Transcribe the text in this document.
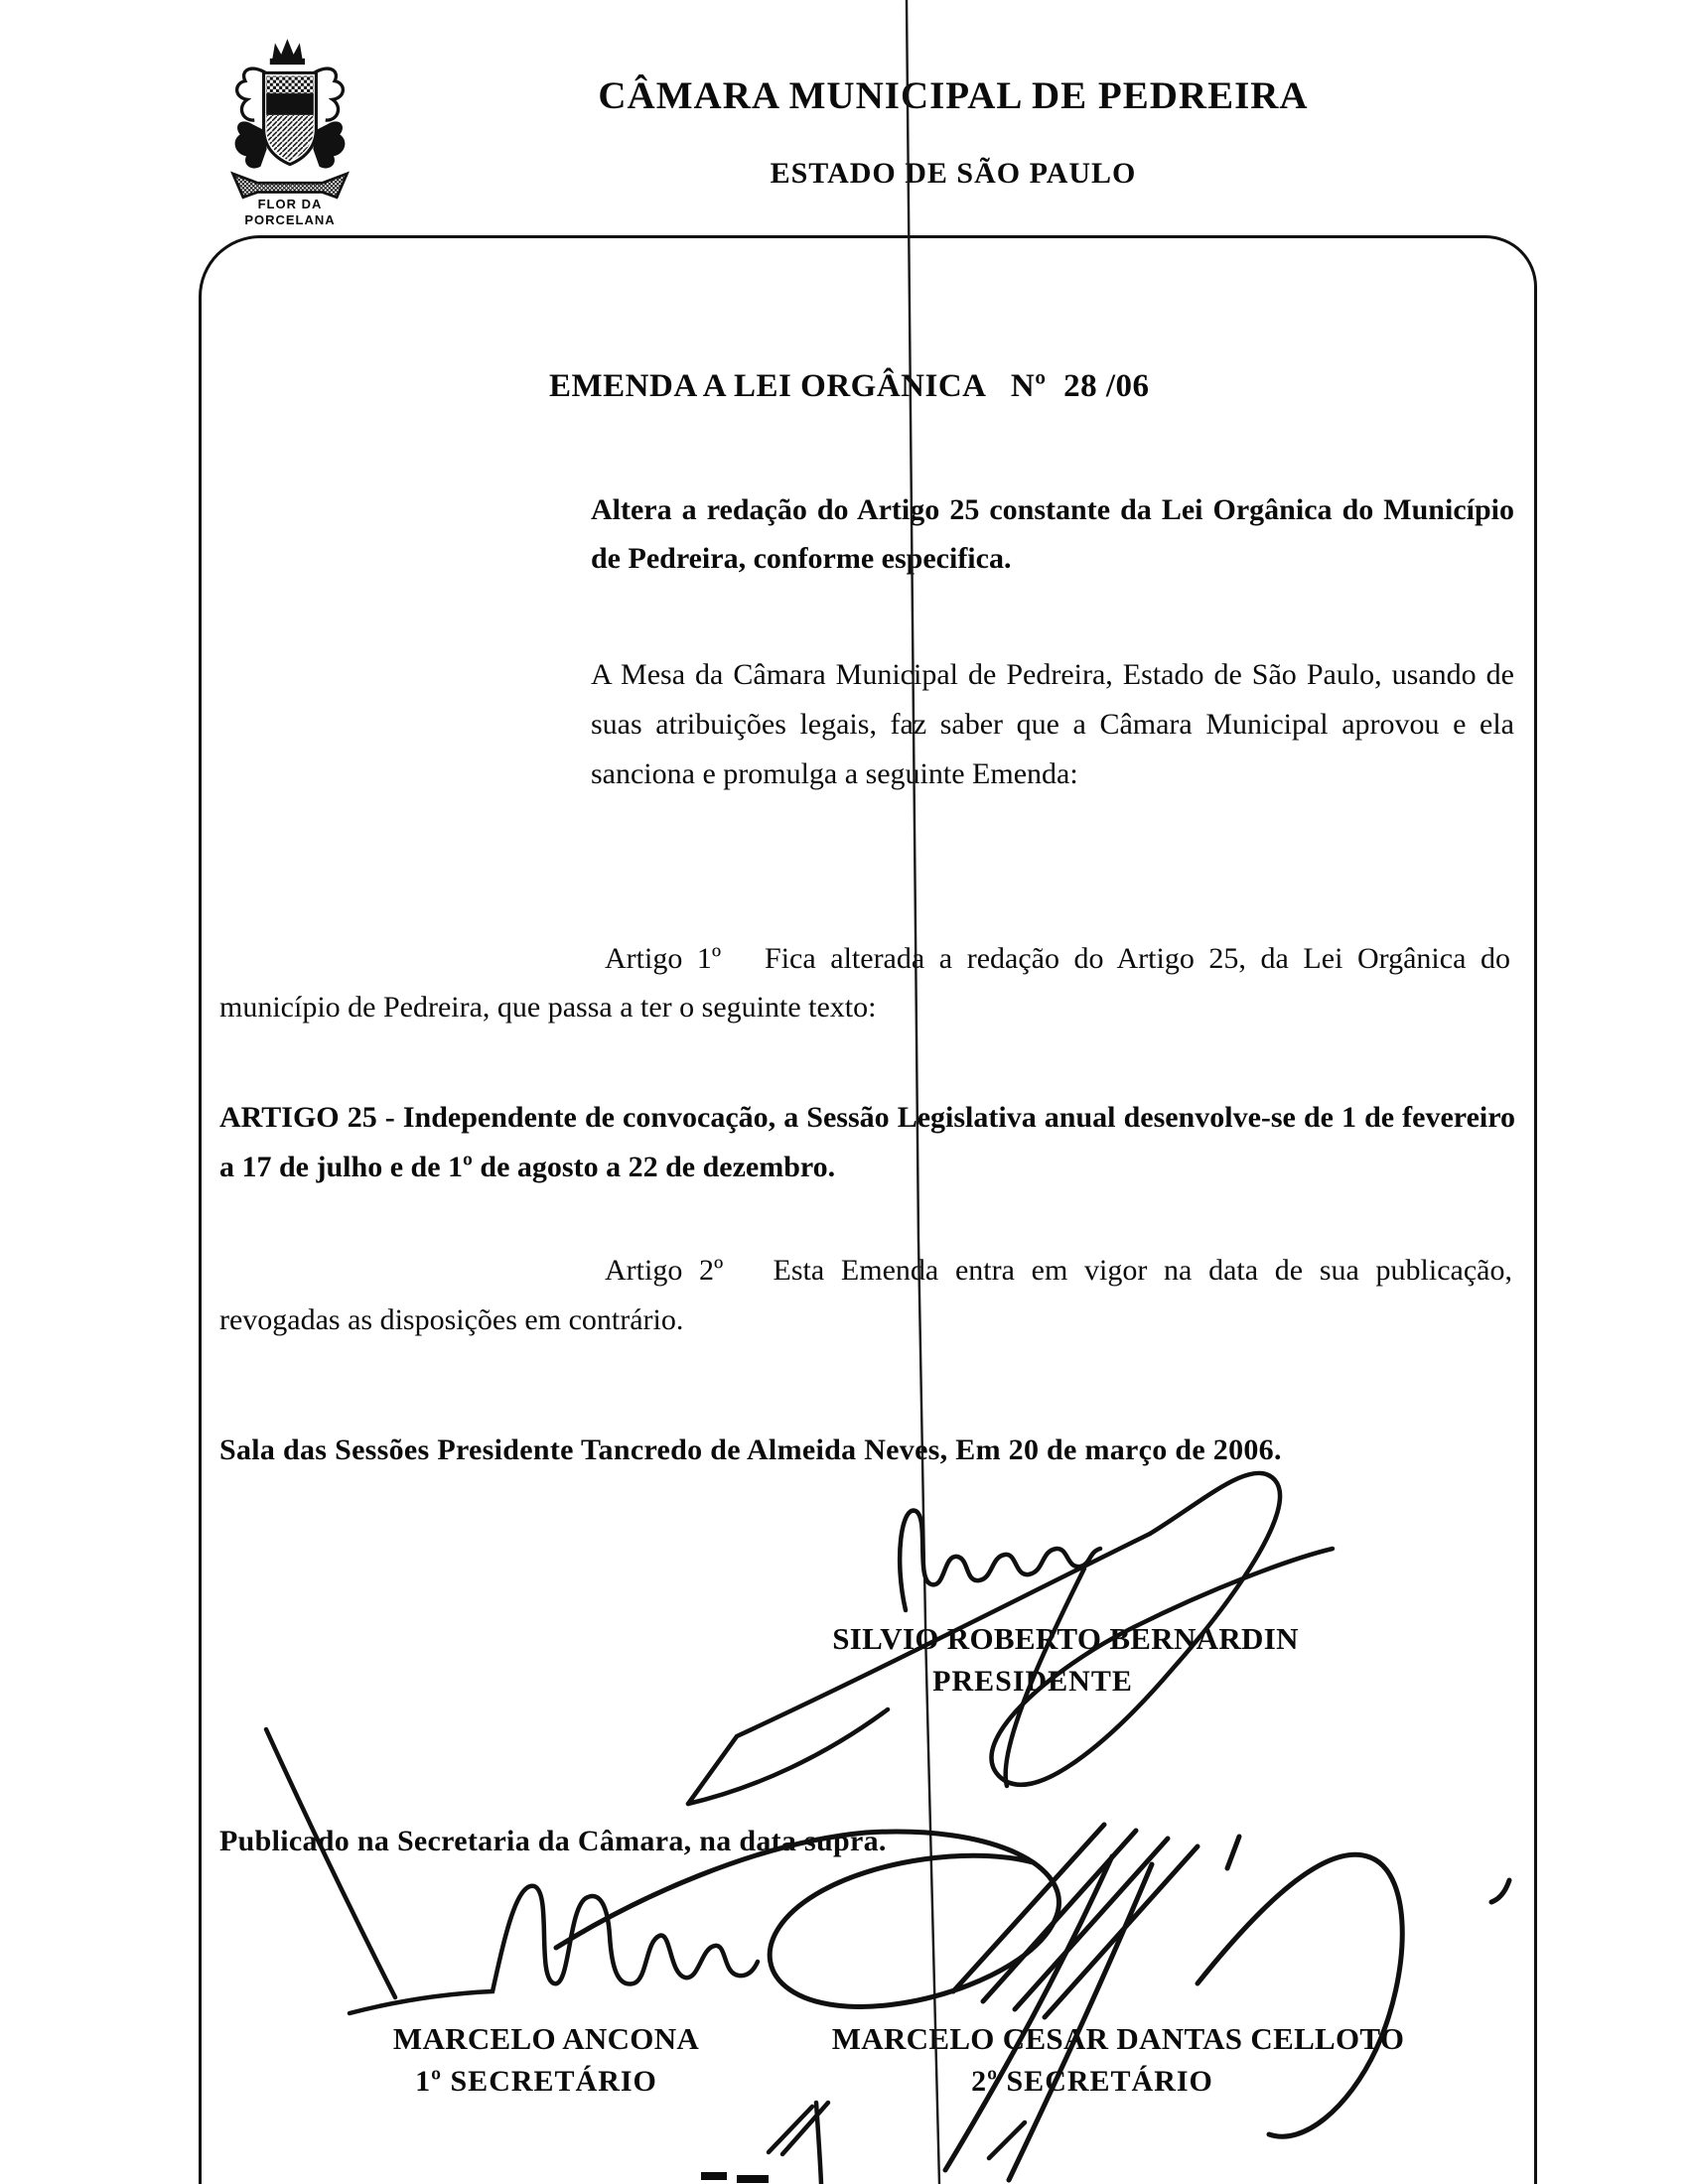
FLOR DA
PORCELANA
CÂMARA MUNICIPAL DE PEDREIRA
ESTADO DE SÃO PAULO
EMENDA A LEI ORGÂNICA   Nº  28 /06
Altera a redação do Artigo 25 constante da Lei Orgânica do Município de Pedreira, conforme especifica.
A Mesa da Câmara Municipal de Pedreira, Estado de São Paulo, usando de suas atribuições legais, faz saber que a Câmara Municipal aprovou e ela sanciona e promulga a seguinte Emenda:
Artigo 1º   Fica alterada a redação do Artigo 25, da Lei Orgânica do município de Pedreira, que passa a ter o seguinte texto:
ARTIGO 25 - Independente de convocação, a Sessão Legislativa anual desenvolve-se de 1 de fevereiro a 17 de julho e de 1º de agosto a 22 de dezembro.
Artigo 2º   Esta Emenda entra em vigor na data de sua publicação, revogadas as disposições em contrário.
Sala das Sessões Presidente Tancredo de Almeida Neves, Em 20 de março de 2006.
Publicado na Secretaria da Câmara, na data supra.
SILVIO ROBERTO BERNARDIN
PRESIDENTE
MARCELO ANCONA
1º SECRETÁRIO
MARCELO CESAR DANTAS CELLOTO
2º SECRETÁRIO
